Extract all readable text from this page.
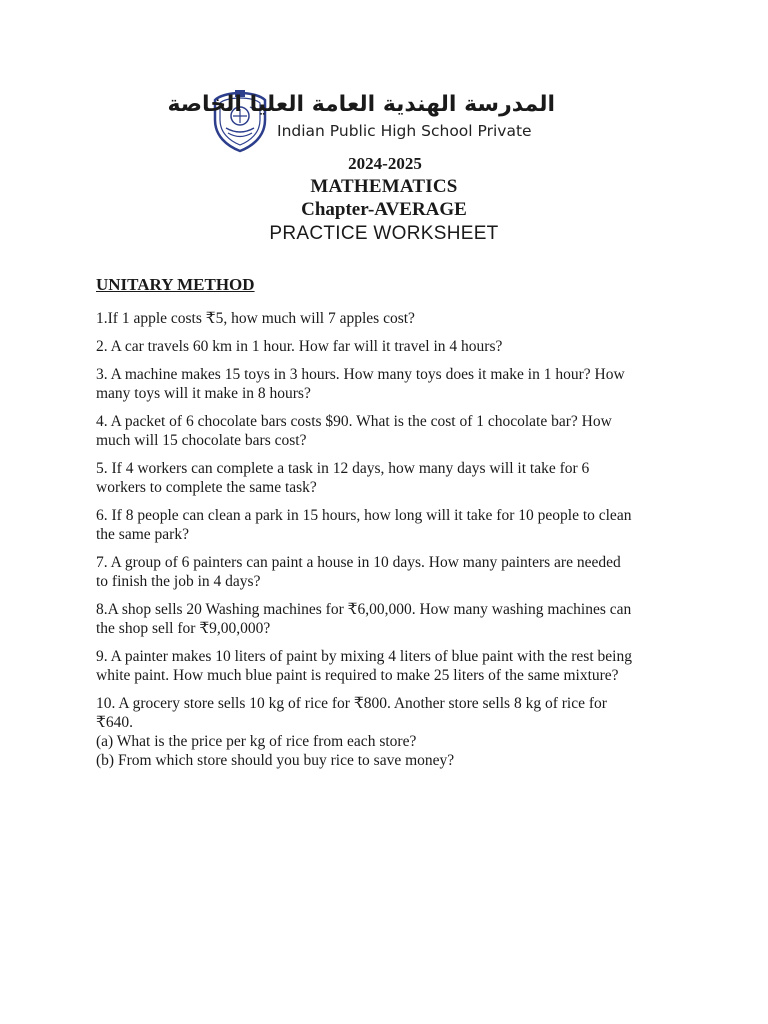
المدرسة الهندية العامة العليا الخاصة
Indian Public High School Private
2024-2025
MATHEMATICS
Chapter-AVERAGE
PRACTICE WORKSHEET
UNITARY METHOD
1.If 1 apple costs ₹5, how much will 7 apples cost?
2. A car travels 60 km in 1 hour. How far will it travel in 4 hours?
3. A machine makes 15 toys in 3 hours. How many toys does it make in 1 hour? How
many toys will it make in 8 hours?
4. A packet of 6 chocolate bars costs $90. What is the cost of 1 chocolate bar? How
much will 15 chocolate bars cost?
5. If 4 workers can complete a task in 12 days, how many days will it take for 6
workers to complete the same task?
6. If 8 people can clean a park in 15 hours, how long will it take for 10 people to clean
the same park?
7. A group of 6 painters can paint a house in 10 days. How many painters are needed
to finish the job in 4 days?
8.A shop sells 20 Washing machines for ₹6,00,000. How many washing machines can
the shop sell for ₹9,00,000?
9. A painter makes 10 liters of paint by mixing 4 liters of blue paint with the rest being
white paint. How much blue paint is required to make 25 liters of the same mixture?
10. A grocery store sells 10 kg of rice for ₹800. Another store sells 8 kg of rice for
₹640.
(a) What is the price per kg of rice from each store?
(b) From which store should you buy rice to save money?
